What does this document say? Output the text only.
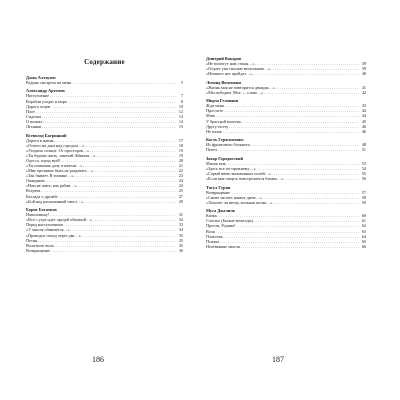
Содержание
Джан Алтаузен
Родина смотрела на меня . . .	5
Александр Артемов
Наступление . . .	7
Корабли уходят в море . . .	8
Дорога отцов . . .	10
Плот . . .	12
Сиделка . . .	13
О волнах . . .	14
Лесники . . .	15
Всеволод Багрицкий
Дорога в жизнь . . .	17
«Отчего же дым над городом…» . . .	18
«Уходило солнце. От просторов…» . . .	19
«Ты будешь жить, замечай Айвазов…» . . .	19
Одесса, город мой! . . .	20
«Ты помнишь дачу и качели…» . . .	21
«Мне противно быть не раздевать…» . . .	22
«Так бывает. В тишине…» . . .	23
Ожидание . . .	24
«Нам не жить, как рабам…» . . .	24
Встреча . . .	25
Баллада о дружбе . . .	27
«Бой над раскаленный свист…» . . .	29
Борис Богатков
Наполовину! . . .	31
«Всё с утра идет чредой обычной…» . . .	32
Перед наступлением . . .	33
«У мысля обнимется…» . . .	34
«Проводит поход через две…» . . .	35
Песня . . .	35
Воля-воль-воль . . .	35
Возвращение . . .	36
Дмитрий Вакаров
«Не помогут нам стоны…» . . .	39
«Отдает уже гнилью могильною…» . . .	39
«Немного нет пройдет…» . . .	40
Леонид Виленкин
«Жизнь моя не повторится дважды…» . . .	41
«Мы победим. Мое — слово…» . . .	42
Мирза Геловани
Жди меня . . .	43
Простите . . .	44
Мать . . .	44
У братской могилы . . .	45
Другу-поэту . . .	46
Не плачь . . .	46
Кость Герасименко
Из фронтового блокнота . . .	48
Пепел . . .	51
Захар Городисский
Милая моя . . .	53
«Здесь все по-прежнему…» . . .	54
«Серый ивою выжженных полей…» . . .	55
«Если мне смерть повстречается близко…» . . .	56
Татул Гурян
Возвращение . . .	57
«Снова застает наших днем…» . . .	58
«Хохочет ли ветер, вольная песня…» . . .	59
Муса Джалиль
Капка . . .	60
Счастье (Былые межгоды) . . .	61
Прости, Родина! . . .	62
Воля . . .	63
Платочек . . .	64
Птичка . . .	65
Неотвязные мысли . . .	66
186	187
